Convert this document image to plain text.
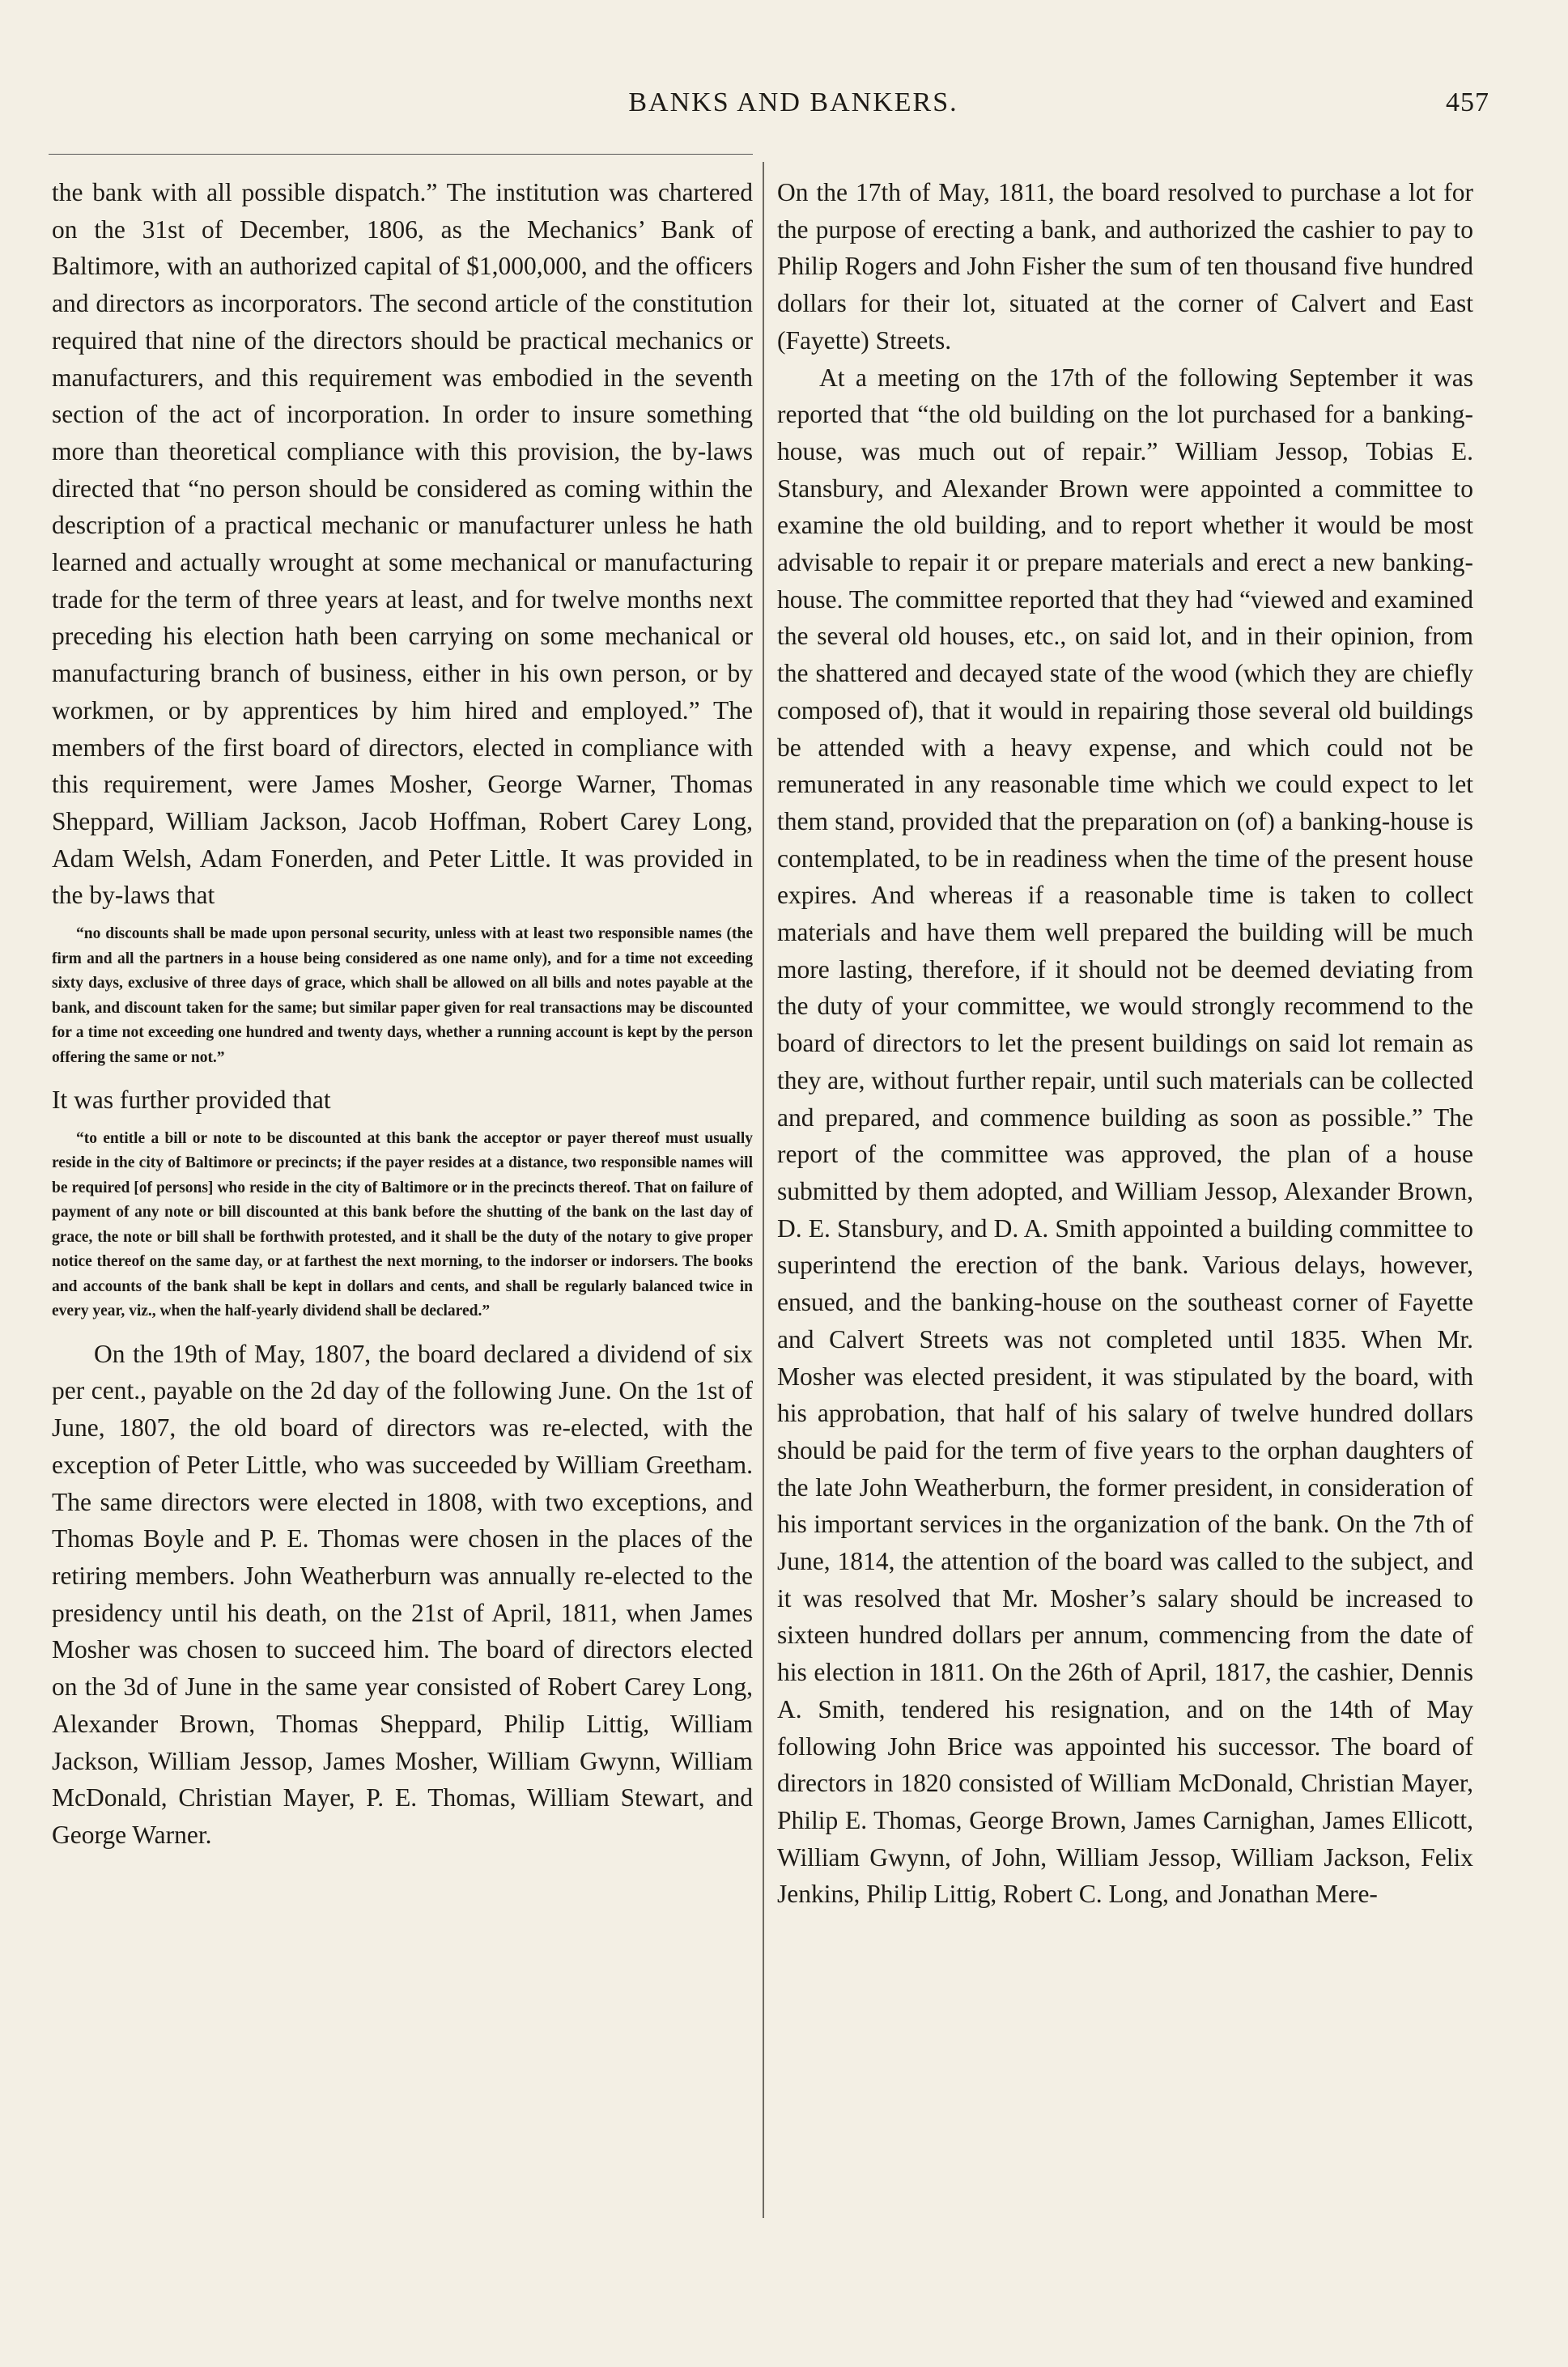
BANKS AND BANKERS.	457

the bank with all possible dispatch.” The institution was chartered on the 31st of December, 1806, as the Mechanics’ Bank of Baltimore, with an authorized capital of $1,000,000, and the officers and directors as incorporators. The second article of the constitution required that nine of the directors should be practical mechanics or manufacturers, and this requirement was embodied in the seventh section of the act of incorporation. In order to insure something more than theoretical compliance with this provision, the by-laws directed that “no person should be considered as coming within the description of a practical mechanic or manufacturer unless he hath learned and actually wrought at some mechanical or manufacturing trade for the term of three years at least, and for twelve months next preceding his election hath been carrying on some mechanical or manufacturing branch of business, either in his own person, or by workmen, or by apprentices by him hired and employed.” The members of the first board of directors, elected in compliance with this requirement, were James Mosher, George Warner, Thomas Sheppard, William Jackson, Jacob Hoffman, Robert Carey Long, Adam Welsh, Adam Fonerden, and Peter Little. It was provided in the by-laws that

“no discounts shall be made upon personal security, unless with at least two responsible names (the firm and all the partners in a house being considered as one name only), and for a time not exceeding sixty days, exclusive of three days of grace, which shall be allowed on all bills and notes payable at the bank, and discount taken for the same; but similar paper given for real transactions may be discounted for a time not exceeding one hundred and twenty days, whether a running account is kept by the person offering the same or not.”

It was further provided that

“to entitle a bill or note to be discounted at this bank the acceptor or payer thereof must usually reside in the city of Baltimore or precincts; if the payer resides at a distance, two responsible names will be required [of persons] who reside in the city of Baltimore or in the precincts thereof. That on failure of payment of any note or bill discounted at this bank before the shutting of the bank on the last day of grace, the note or bill shall be forthwith protested, and it shall be the duty of the notary to give proper notice thereof on the same day, or at farthest the next morning, to the indorser or indorsers. The books and accounts of the bank shall be kept in dollars and cents, and shall be regularly balanced twice in every year, viz., when the half-yearly dividend shall be declared.”

On the 19th of May, 1807, the board declared a dividend of six per cent., payable on the 2d day of the following June. On the 1st of June, 1807, the old board of directors was re-elected, with the exception of Peter Little, who was succeeded by William Greetham. The same directors were elected in 1808, with two exceptions, and Thomas Boyle and P. E. Thomas were chosen in the places of the retiring members. John Weatherburn was annually re-elected to the presidency until his death, on the 21st of April, 1811, when James Mosher was chosen to succeed him. The board of directors elected on the 3d of June in the same year consisted of Robert Carey Long, Alexander Brown, Thomas Sheppard, Philip Littig, William Jackson, William Jessop, James Mosher, William Gwynn, William McDonald, Christian Mayer, P. E. Thomas, William Stewart, and George Warner.

On the 17th of May, 1811, the board resolved to purchase a lot for the purpose of erecting a bank, and authorized the cashier to pay to Philip Rogers and John Fisher the sum of ten thousand five hundred dollars for their lot, situated at the corner of Calvert and East (Fayette) Streets.

At a meeting on the 17th of the following September it was reported that “the old building on the lot purchased for a banking-house, was much out of repair.” William Jessop, Tobias E. Stansbury, and Alexander Brown were appointed a committee to examine the old building, and to report whether it would be most advisable to repair it or prepare materials and erect a new banking-house. The committee reported that they had “viewed and examined the several old houses, etc., on said lot, and in their opinion, from the shattered and decayed state of the wood (which they are chiefly composed of), that it would in repairing those several old buildings be attended with a heavy expense, and which could not be remunerated in any reasonable time which we could expect to let them stand, provided that the preparation on (of) a banking-house is contemplated, to be in readiness when the time of the present house expires. And whereas if a reasonable time is taken to collect materials and have them well prepared the building will be much more lasting, therefore, if it should not be deemed deviating from the duty of your committee, we would strongly recommend to the board of directors to let the present buildings on said lot remain as they are, without further repair, until such materials can be collected and prepared, and commence building as soon as possible.” The report of the committee was approved, the plan of a house submitted by them adopted, and William Jessop, Alexander Brown, D. E. Stansbury, and D. A. Smith appointed a building committee to superintend the erection of the bank. Various delays, however, ensued, and the banking-house on the southeast corner of Fayette and Calvert Streets was not completed until 1835. When Mr. Mosher was elected president, it was stipulated by the board, with his approbation, that half of his salary of twelve hundred dollars should be paid for the term of five years to the orphan daughters of the late John Weatherburn, the former president, in consideration of his important services in the organization of the bank. On the 7th of June, 1814, the attention of the board was called to the subject, and it was resolved that Mr. Mosher’s salary should be increased to sixteen hundred dollars per annum, commencing from the date of his election in 1811. On the 26th of April, 1817, the cashier, Dennis A. Smith, tendered his resignation, and on the 14th of May following John Brice was appointed his successor. The board of directors in 1820 consisted of William McDonald, Christian Mayer, Philip E. Thomas, George Brown, James Carnighan, James Ellicott, William Gwynn, of John, William Jessop, William Jackson, Felix Jenkins, Philip Littig, Robert C. Long, and Jonathan Mere-
